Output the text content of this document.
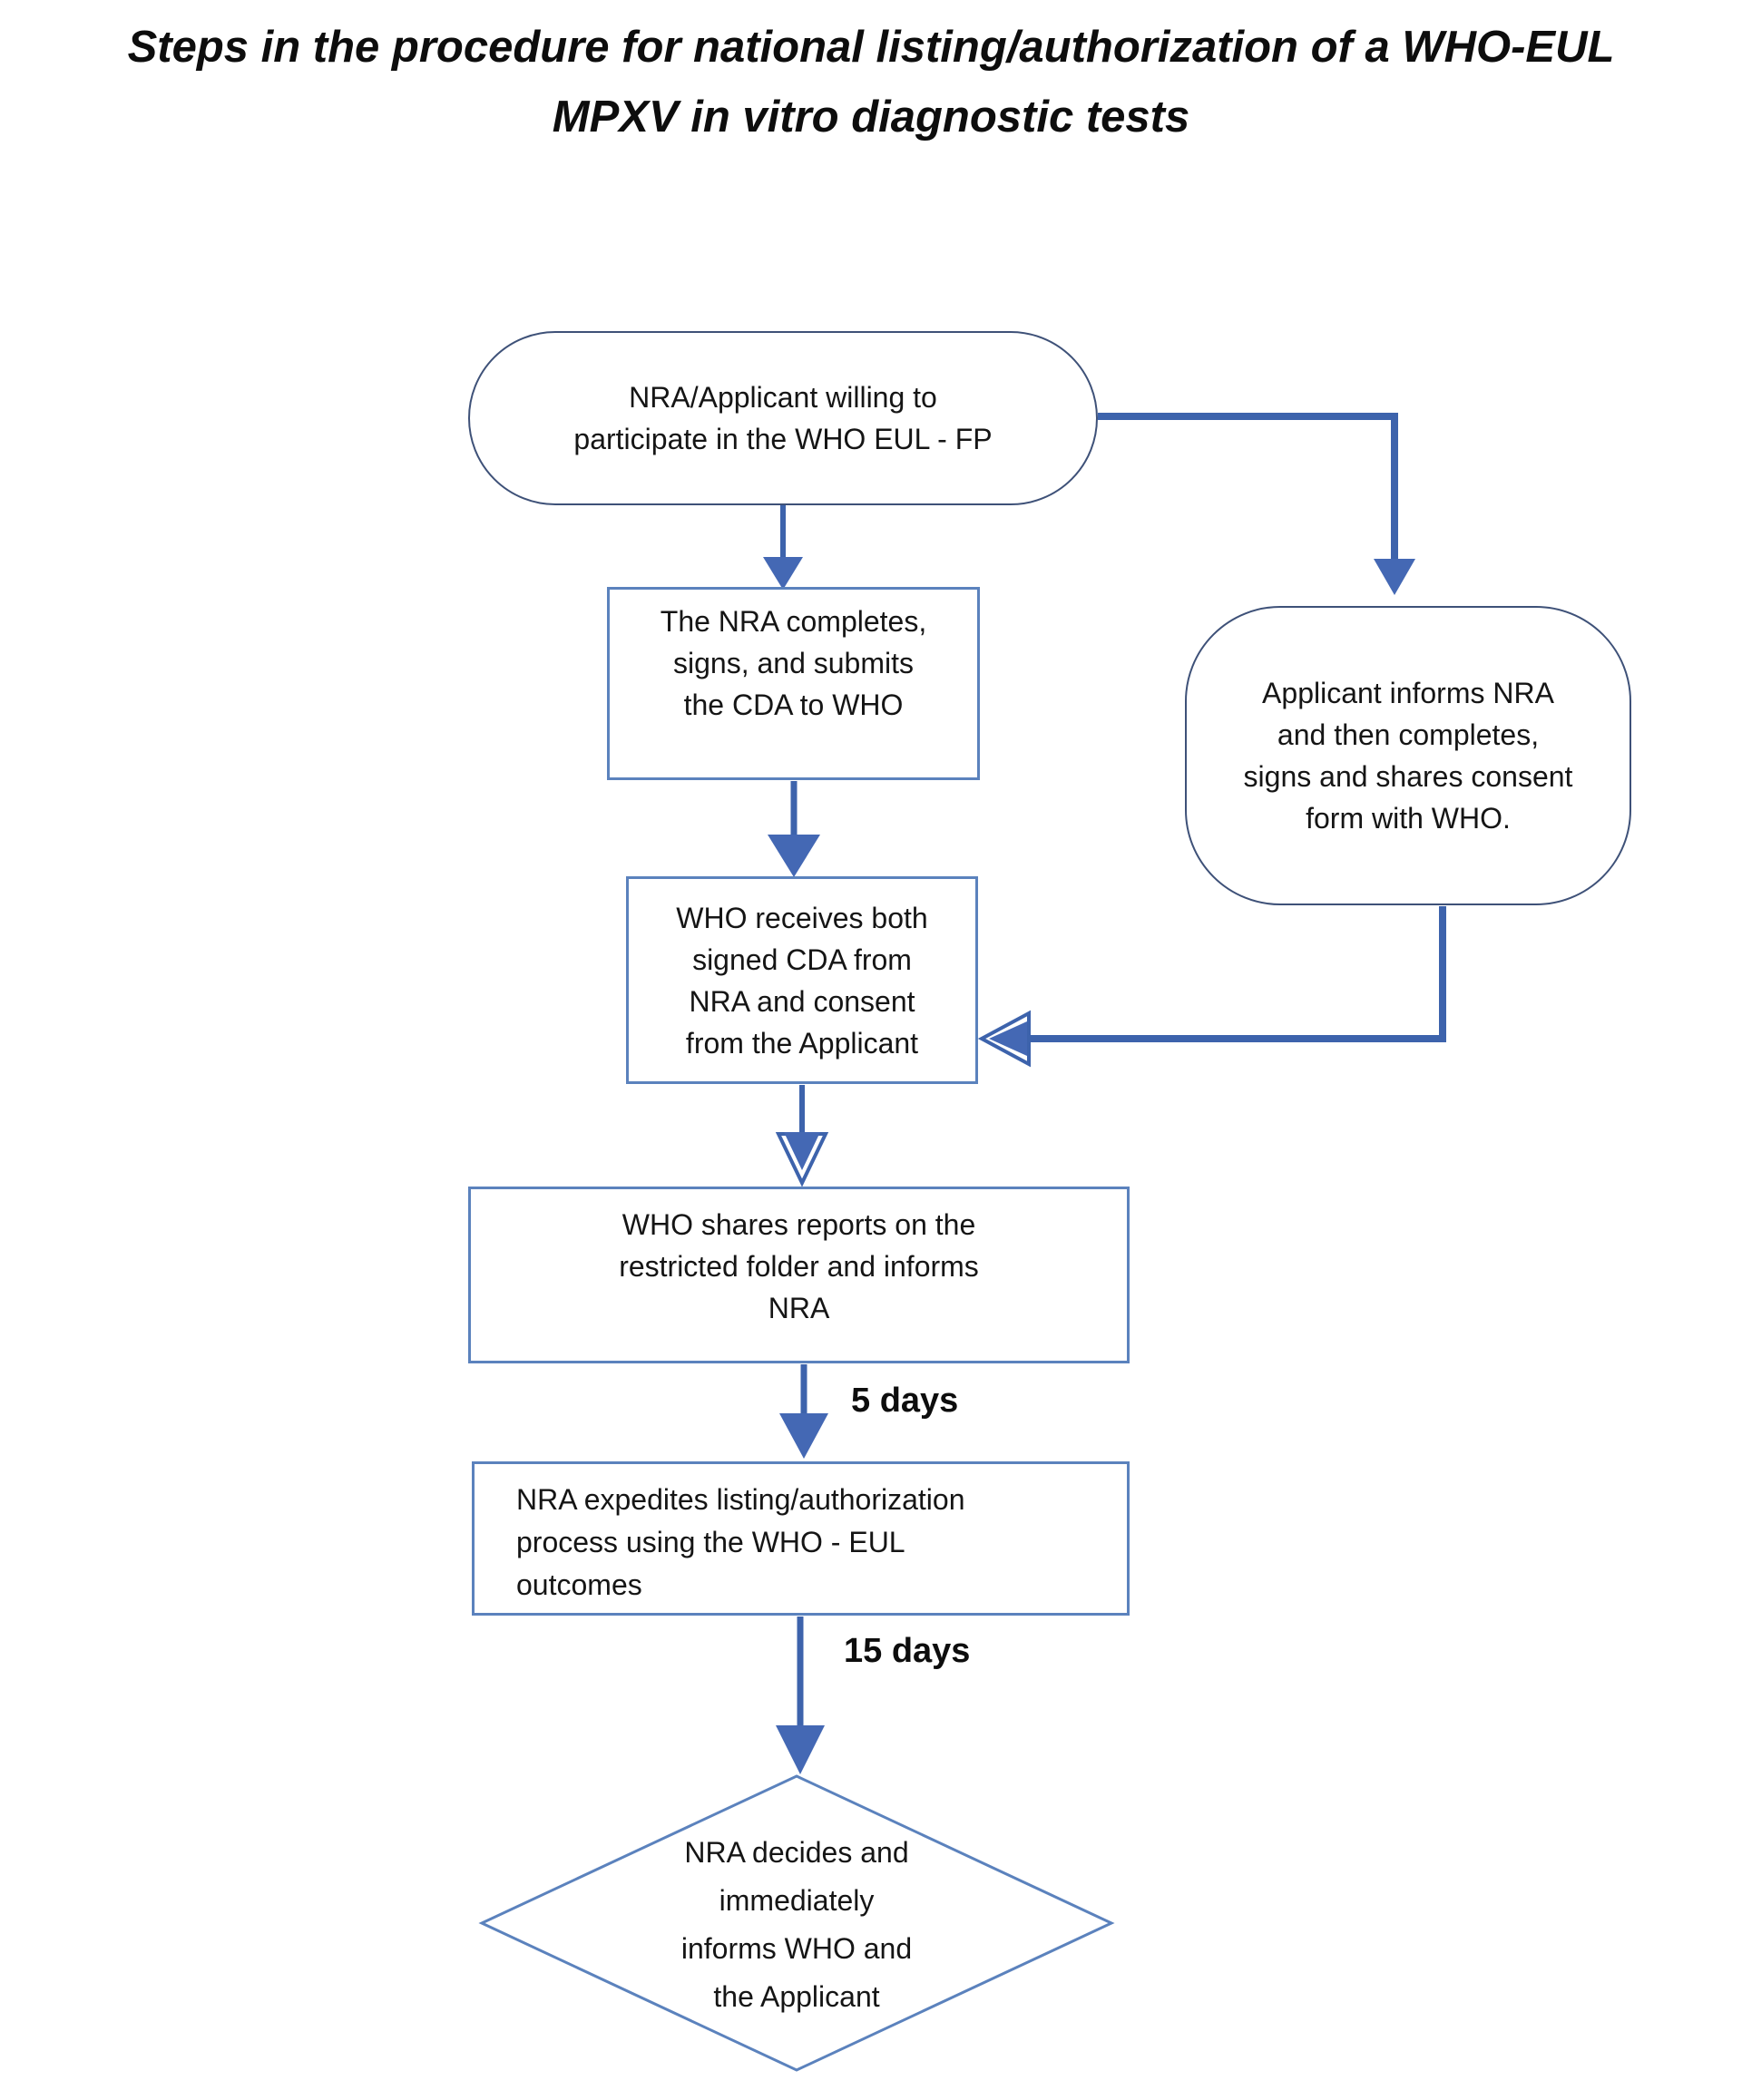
Steps in the procedure for national listing/authorization of a WHO-EUL
MPXV in vitro diagnostic tests
NRA/Applicant willing to
participate in the WHO EUL - FP
The NRA completes,
signs, and submits
the CDA to WHO	Applicant informs NRA
and then completes,
signs and shares consent
form with WHO.
WHO receives both
signed CDA from
NRA and consent
from the Applicant
WHO shares reports on the
restricted folder and informs
NRA
5 days
NRA expedites listing/authorization
process using the WHO - EUL
outcomes
15 days
NRA decides and
immediately
informs WHO and
the Applicant
